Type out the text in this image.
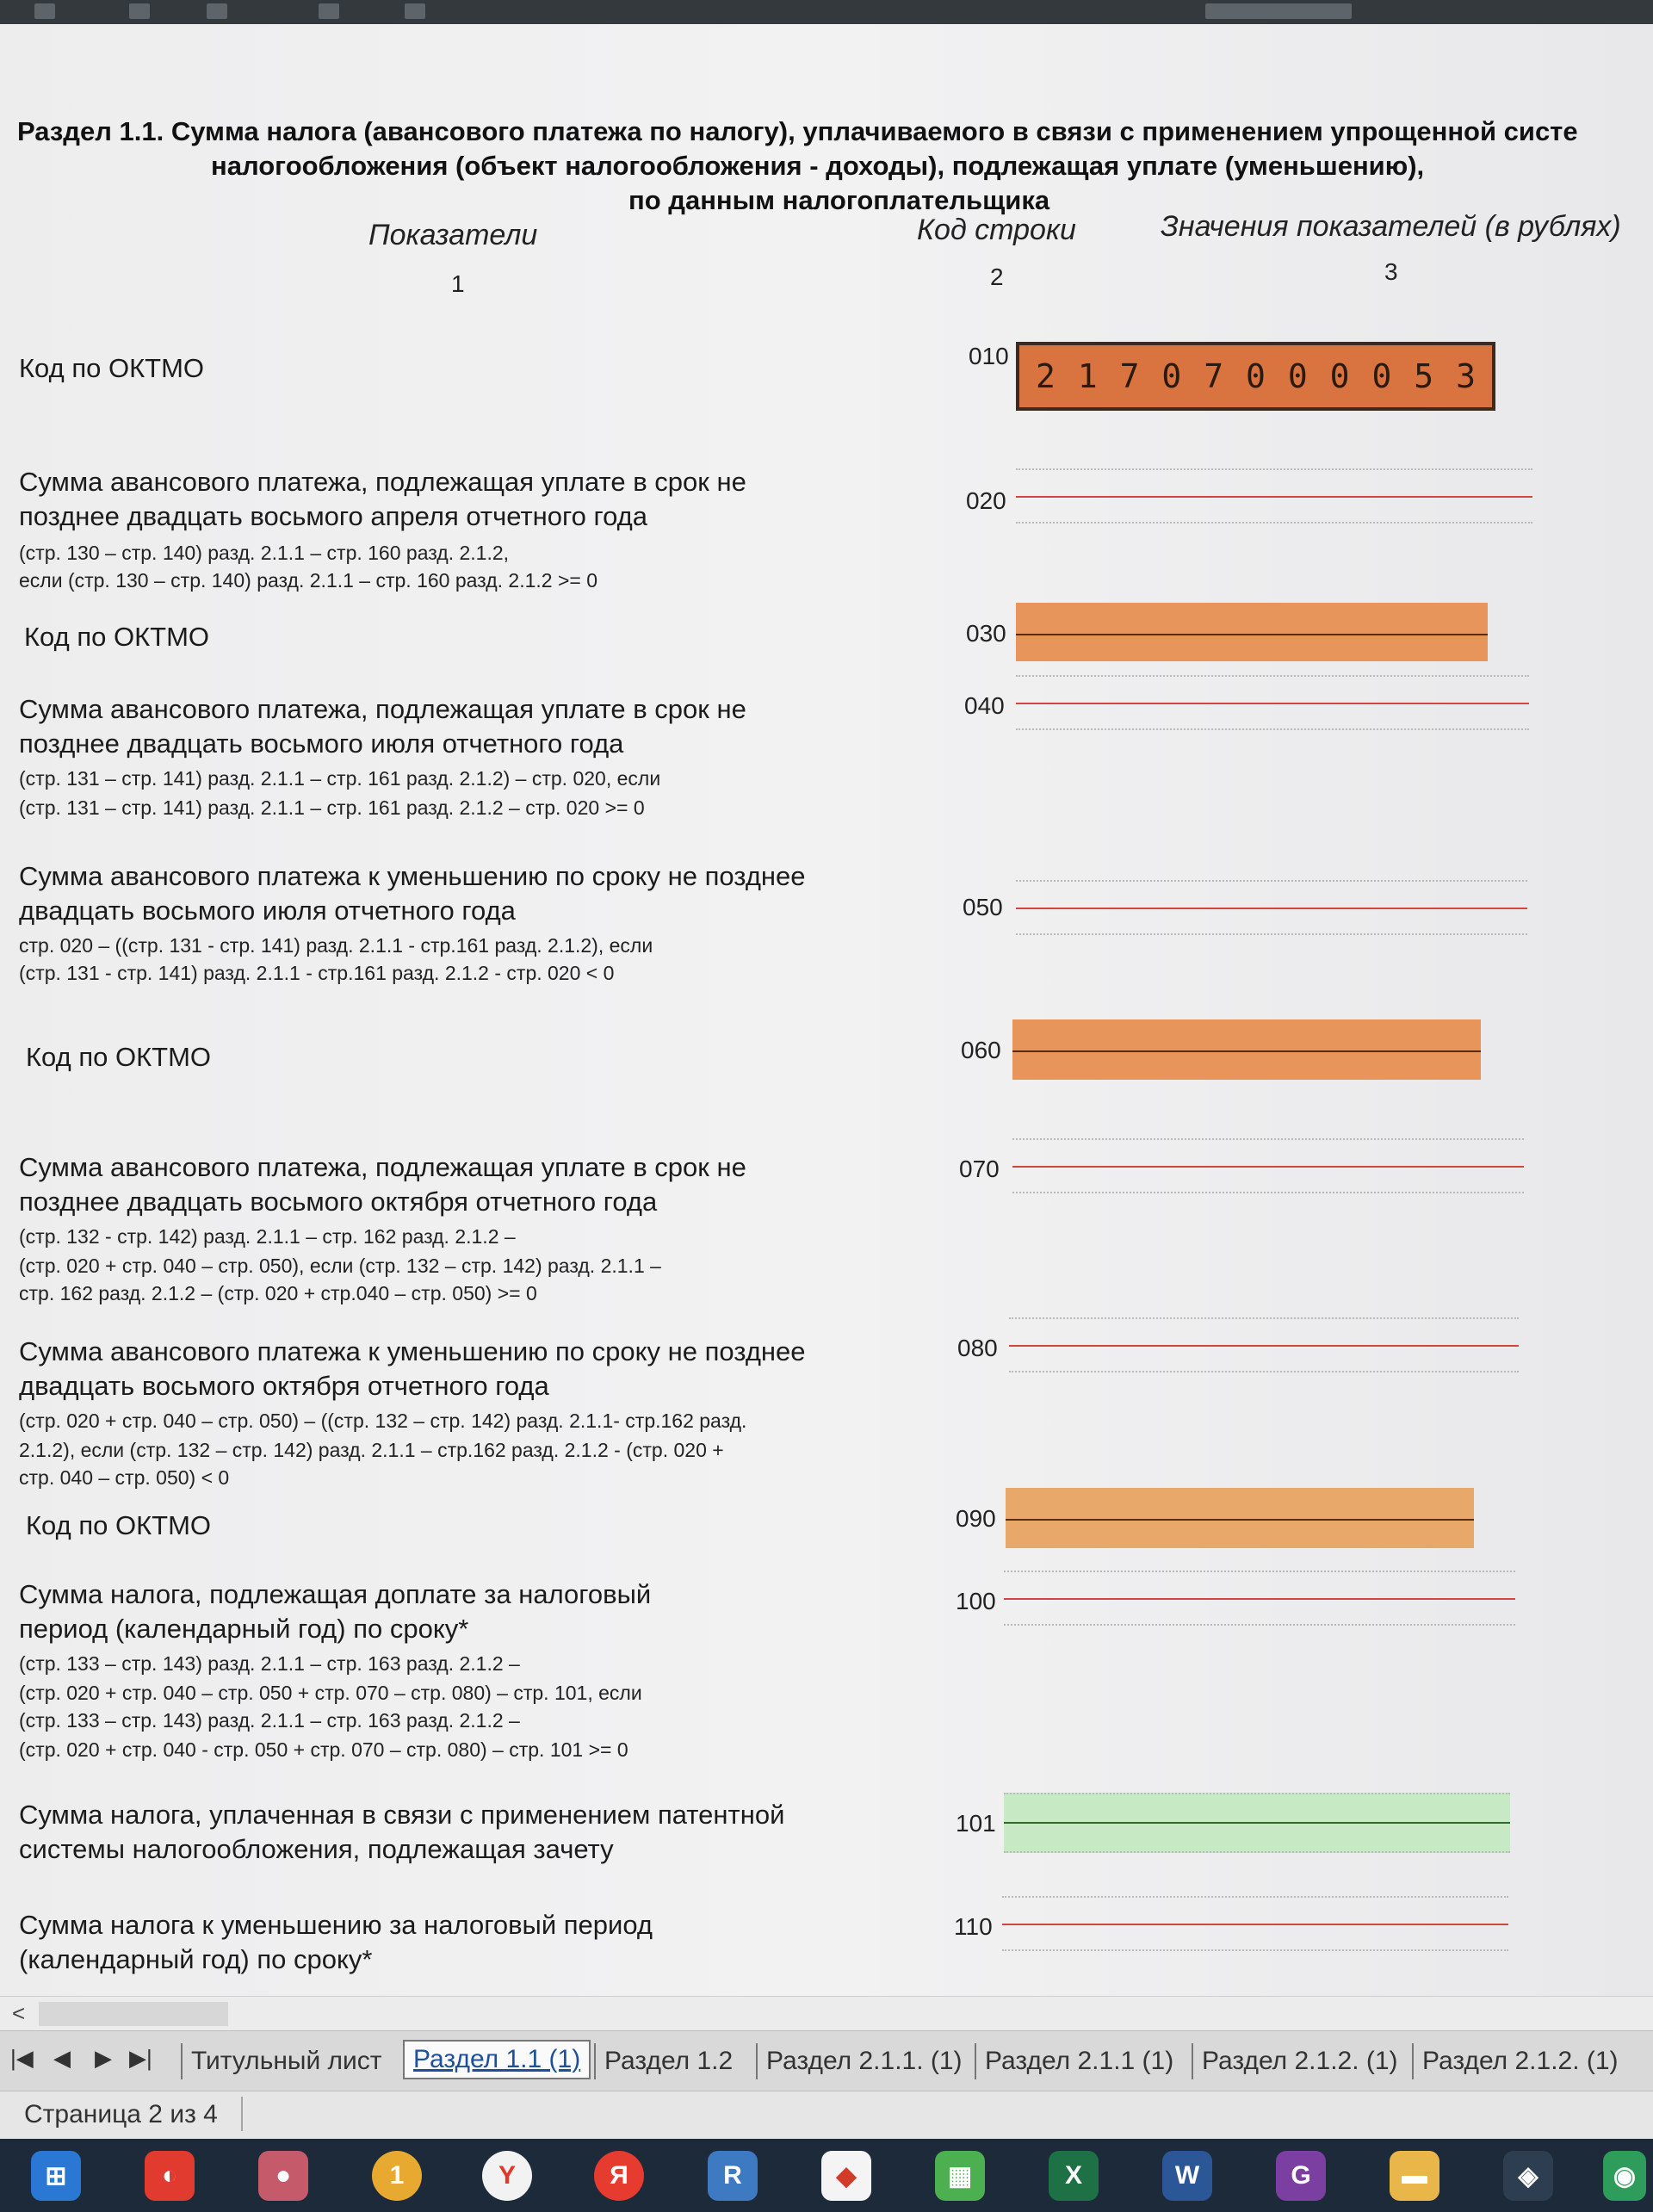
Раздел 1.1. Сумма налога (авансового платежа по налогу), уплачиваемого в связи с применением упрощенной систе
налогообложения (объект налогообложения - доходы), подлежащая уплате (уменьшению),
по данным налогоплательщика
Показатели	Код строки	Значения показателей (в рублях)
1	2	3
Код по ОКТМО	010
2 1 7 0 7 0 0 0 0 5 3
Сумма авансового платежа, подлежащая уплате в срок не
позднее двадцать восьмого апреля отчетного года
(стр. 130 – стр. 140) разд. 2.1.1 – стр. 160 разд. 2.1.2,
если (стр. 130 – стр. 140) разд. 2.1.1 – стр. 160 разд. 2.1.2 >= 0
020
Код по ОКТМО	030
Сумма авансового платежа, подлежащая уплате в срок не
позднее двадцать восьмого июля отчетного года
(стр. 131 – стр. 141) разд. 2.1.1 – стр. 161 разд. 2.1.2) – стр. 020, если
(стр. 131 – стр. 141) разд. 2.1.1 – стр. 161 разд. 2.1.2 – стр. 020 >= 0
040
Сумма авансового платежа к уменьшению по сроку не позднее
двадцать восьмого июля отчетного года
стр. 020 – ((стр. 131 - стр. 141) разд. 2.1.1 - стр.161 разд. 2.1.2), если
(стр. 131 - стр. 141) разд. 2.1.1 - стр.161 разд. 2.1.2 - стр. 020 < 0
050
Код по ОКТМО	060
Сумма авансового платежа, подлежащая уплате в срок не
позднее двадцать восьмого октября отчетного года
(стр. 132 - стр. 142) разд. 2.1.1 – стр. 162 разд. 2.1.2 –
(стр. 020 + стр. 040 – стр. 050), если (стр. 132 – стр. 142) разд. 2.1.1 –
стр. 162 разд. 2.1.2 – (стр. 020 + стр.040 – стр. 050) >= 0
070
Сумма авансового платежа к уменьшению по сроку не позднее
двадцать восьмого октября отчетного года
(стр. 020 + стр. 040 – стр. 050) – ((стр. 132 – стр. 142) разд. 2.1.1- стр.162 разд.
2.1.2), если (стр. 132 – стр. 142) разд. 2.1.1 – стр.162 разд. 2.1.2 - (стр. 020 +
стр. 040 – стр. 050) < 0
080
Код по ОКТМО	090
Сумма налога, подлежащая доплате за налоговый
период (календарный год) по сроку*
(стр. 133 – стр. 143) разд. 2.1.1 – стр. 163 разд. 2.1.2 –
(стр. 020 + стр. 040 – стр. 050 + стр. 070 – стр. 080) – стр. 101, если
(стр. 133 – стр. 143) разд. 2.1.1 – стр. 163 разд. 2.1.2 –
(стр. 020 + стр. 040 - стр. 050 + стр. 070 – стр. 080) – стр. 101 >= 0
100
Сумма налога, уплаченная в связи с применением патентной
системы налогообложения, подлежащая зачету
101
Сумма налога к уменьшению за налоговый период
(календарный год) по сроку*
110
<
|◀ ◀ ▶ ▶|	Титульный лист	Раздел 1.1 (1) Раздел 1.2	Раздел 2.1.1. (1) Раздел 2.1.1 (1)	Раздел 2.1.2. (1) Раздел 2.1.2. (1)
Страница 2 из 4
⊞	◐	●	1	Y	Я	R	◆	▦	X	W	G	▬	◈	◉
